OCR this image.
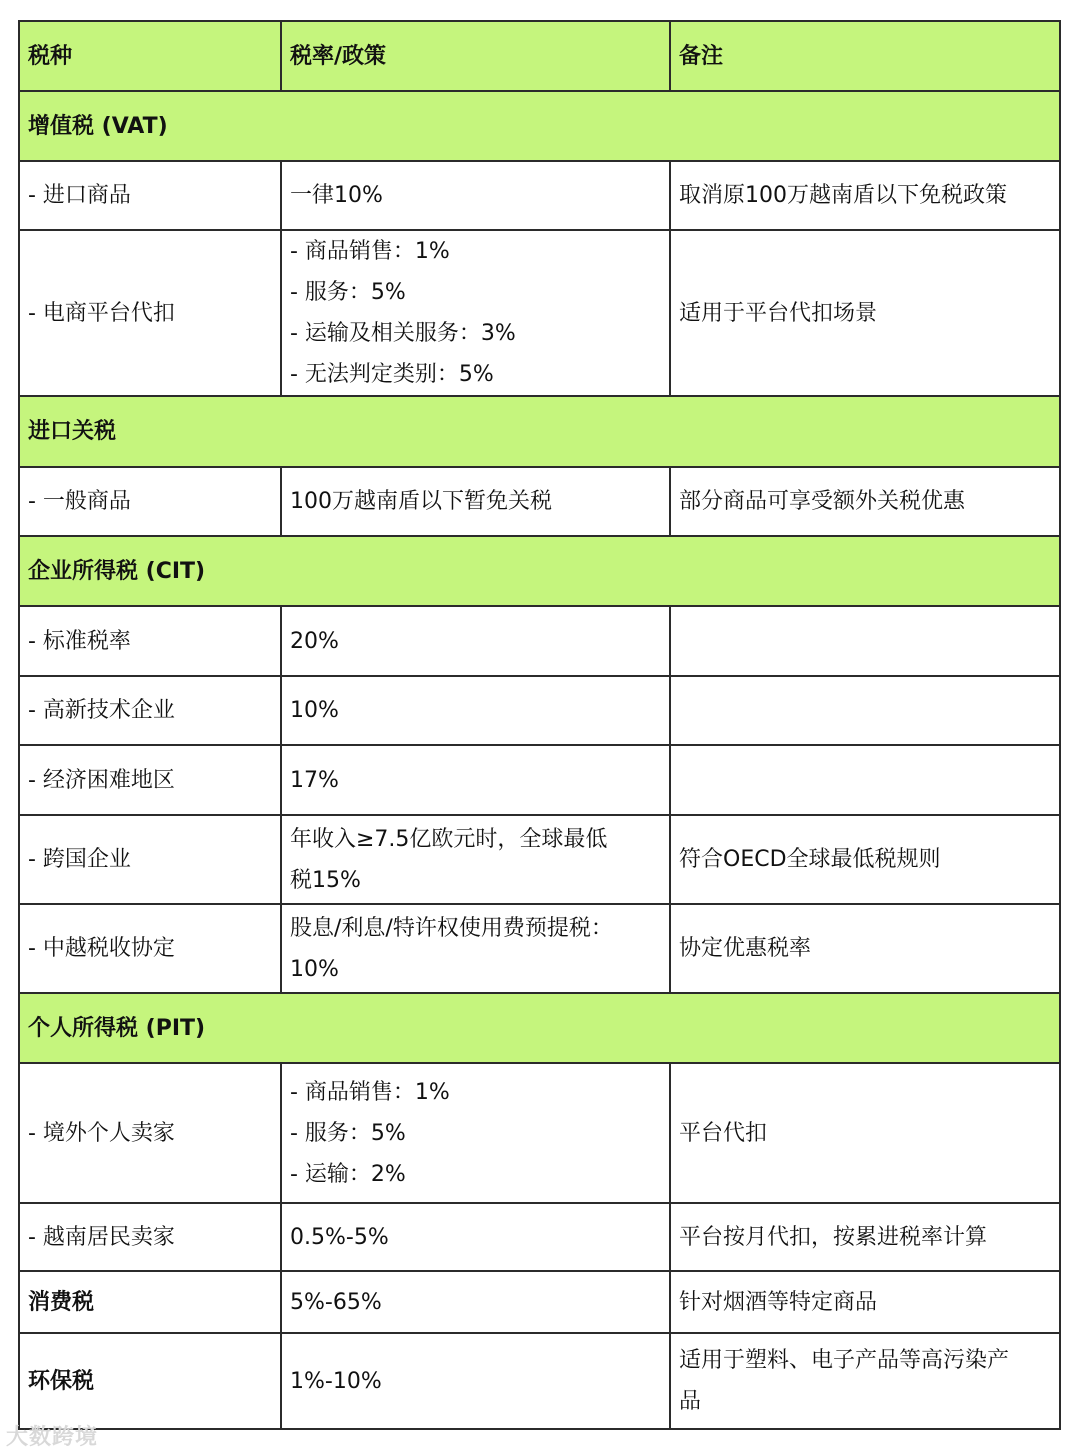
税种	税率/政策	备注
增值税 (VAT)		
- 进口商品	一律10%	取消原100万越南盾以下免税政策
- 电商平台代扣	- 商品销售：1%
- 服务：5%
- 运输及相关服务：3%
- 无法判定类别：5%	适用于平台代扣场景
进口关税		
- 一般商品	100万越南盾以下暂免关税	部分商品可享受额外关税优惠
企业所得税 (CIT)		
- 标准税率	20%	
- 高新技术企业	10%	
- 经济困难地区	17%	
- 跨国企业	年收入≥7.5亿欧元时，全球最低
税15%	符合OECD全球最低税规则
- 中越税收协定	股息/利息/特许权使用费预提税：
10%	协定优惠税率
个人所得税 (PIT)		
- 境外个人卖家	- 商品销售：1%
- 服务：5%
- 运输：2%	平台代扣
- 越南居民卖家	0.5%-5%	平台按月代扣，按累进税率计算
消费税	5%-65%	针对烟酒等特定商品
环保税	1%-10%	适用于塑料、电子产品等高污染产
品
大数跨境
